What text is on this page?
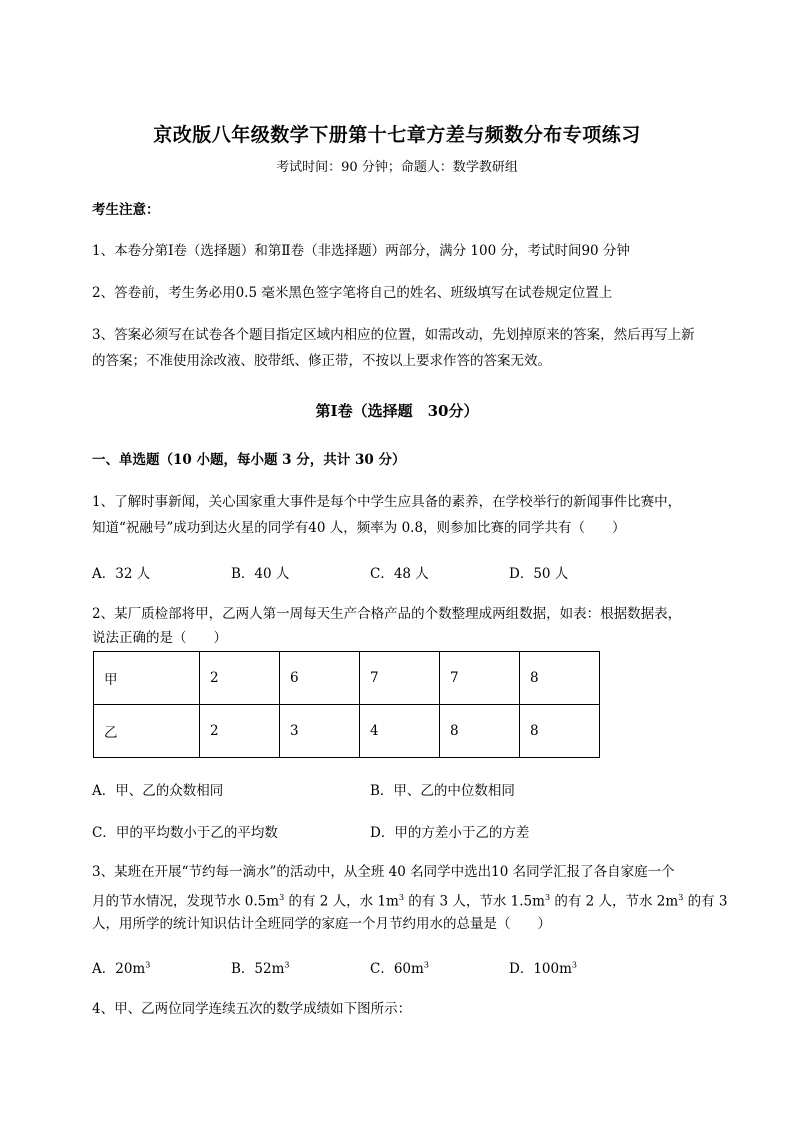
京改版八年级数学下册第十七章方差与频数分布专项练习
考试时间：90 分钟；命题人：数学教研组
考生注意：
1、本卷分第Ⅰ卷（选择题）和第Ⅱ卷（非选择题）两部分，满分 100 分，考试时间90 分钟
2、答卷前，考生务必用0.5 毫米黑色签字笔将自己的姓名、班级填写在试卷规定位置上
3、答案必须写在试卷各个题目指定区域内相应的位置，如需改动，先划掉原来的答案，然后再写上新
的答案；不准使用涂改液、胶带纸、修正带，不按以上要求作答的答案无效。
第Ⅰ卷（选择题　30分）
一、单选题（10 小题，每小题 3 分，共计 30 分）
1、了解时事新闻，关心国家重大事件是每个中学生应具备的素养，在学校举行的新闻事件比赛中，
知道“祝融号”成功到达火星的同学有40 人，频率为 0.8，则参加比赛的同学共有（　　）
A．32 人	B．40 人	C．48 人	D．50 人
2、某厂质检部将甲，乙两人第一周每天生产合格产品的个数整理成两组数据，如表：根据数据表，
说法正确的是（　　）
甲	2	6	7	7	8
乙	2	3	4	8	8
A．甲、乙的众数相同	B．甲、乙的中位数相同
C．甲的平均数小于乙的平均数	D．甲的方差小于乙的方差
3、某班在开展“节约每一滴水”的活动中，从全班 40 名同学中选出10 名同学汇报了各自家庭一个
月的节水情况，发现节水 $0.5m^3$ 的有 2 人，水 $1m^3$ 的有 3 人，节水 $1.5m^3$ 的有 2 人，节水 $2m^3$ 的有 3
人，用所学的统计知识估计全班同学的家庭一个月节约用水的总量是（　　）
A．$20m^3$	B．$52m^3$	C．$60m^3$	D．$100m^3$
4、甲、乙两位同学连续五次的数学成绩如下图所示：
